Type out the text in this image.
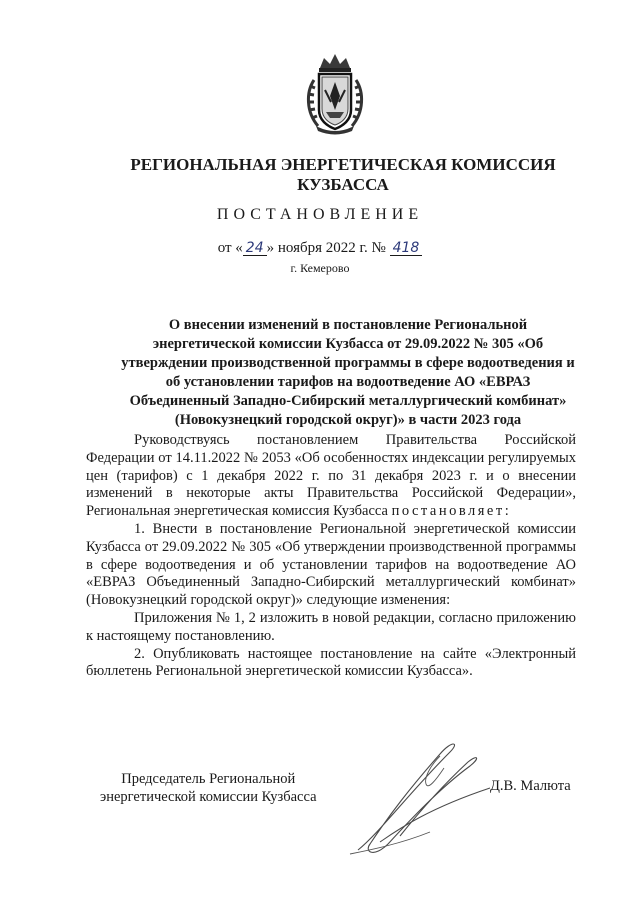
РЕГИОНАЛЬНАЯ ЭНЕРГЕТИЧЕСКАЯ КОМИССИЯ
КУЗБАССА
ПОСТАНОВЛЕНИЕ
от « 24 » ноября 2022 г. № 418
г. Кемерово
О внесении изменений в постановление Региональной
энергетической комиссии Кузбасса от 29.09.2022 № 305 «Об
утверждении производственной программы в сфере водоотведения и
об установлении тарифов на водоотведение АО «ЕВРАЗ
Объединенный Западно-Сибирский металлургический комбинат»
(Новокузнецкий городской округ)» в части 2023 года

Руководствуясь постановлением Правительства Российской Федерации от 14.11.2022 № 2053 «Об особенностях индексации регулируемых цен (тарифов) с 1 декабря 2022 г. по 31 декабря 2023 г. и о внесении изменений в некоторые акты Правительства Российской Федерации», Региональная энергетическая комиссия Кузбасса постановляет:

1. Внести в постановление Региональной энергетической комиссии Кузбасса от 29.09.2022 № 305 «Об утверждении производственной программы в сфере водоотведения и об установлении тарифов на водоотведение АО «ЕВРАЗ Объединенный Западно-Сибирский металлургический комбинат» (Новокузнецкий городской округ)» следующие изменения:

Приложения № 1, 2 изложить в новой редакции, согласно приложению к настоящему постановлению.

2. Опубликовать настоящее постановление на сайте «Электронный бюллетень Региональной энергетической комиссии Кузбасса».

Председатель Региональной
энергетической комиссии Кузбасса
Д.В. Малюта
